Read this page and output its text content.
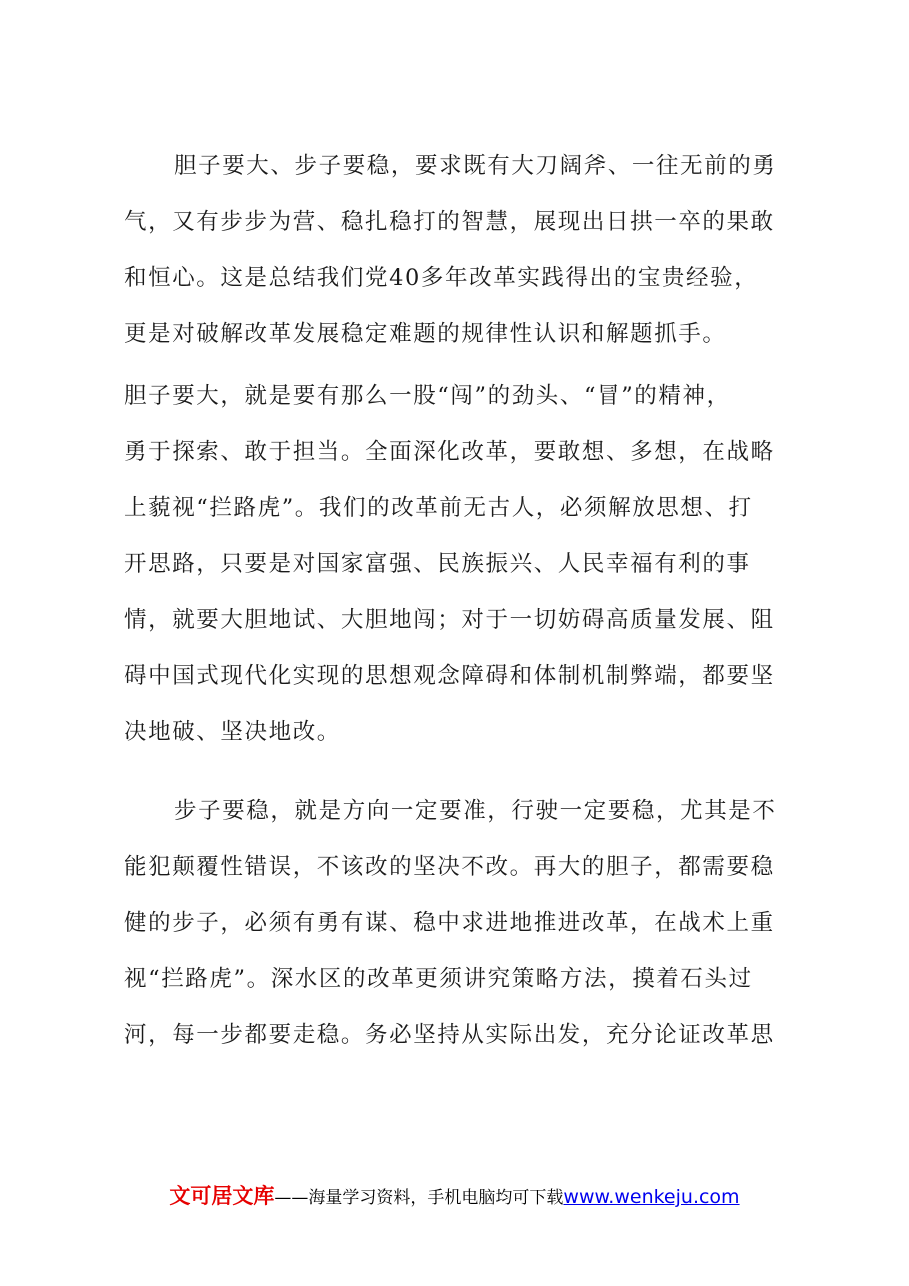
胆子要大、步子要稳，要求既有大刀阔斧、一往无前的勇
气，又有步步为营、稳扎稳打的智慧，展现出日拱一卒的果敢
和恒心。这是总结我们党40多年改革实践得出的宝贵经验，
更是对破解改革发展稳定难题的规律性认识和解题抓手。
胆子要大，就是要有那么一股“闯”的劲头、“冒”的精神，
勇于探索、敢于担当。全面深化改革，要敢想、多想，在战略
上藐视“拦路虎”。我们的改革前无古人，必须解放思想、打
开思路，只要是对国家富强、民族振兴、人民幸福有利的事
情，就要大胆地试、大胆地闯；对于一切妨碍高质量发展、阻
碍中国式现代化实现的思想观念障碍和体制机制弊端，都要坚
决地破、坚决地改。
步子要稳，就是方向一定要准，行驶一定要稳，尤其是不
能犯颠覆性错误，不该改的坚决不改。再大的胆子，都需要稳
健的步子，必须有勇有谋、稳中求进地推进改革，在战术上重
视“拦路虎”。深水区的改革更须讲究策略方法，摸着石头过
河，每一步都要走稳。务必坚持从实际出发，充分论证改革思
文可居文库——海量学习资料，手机电脑均可下载www.wenkeju.com
